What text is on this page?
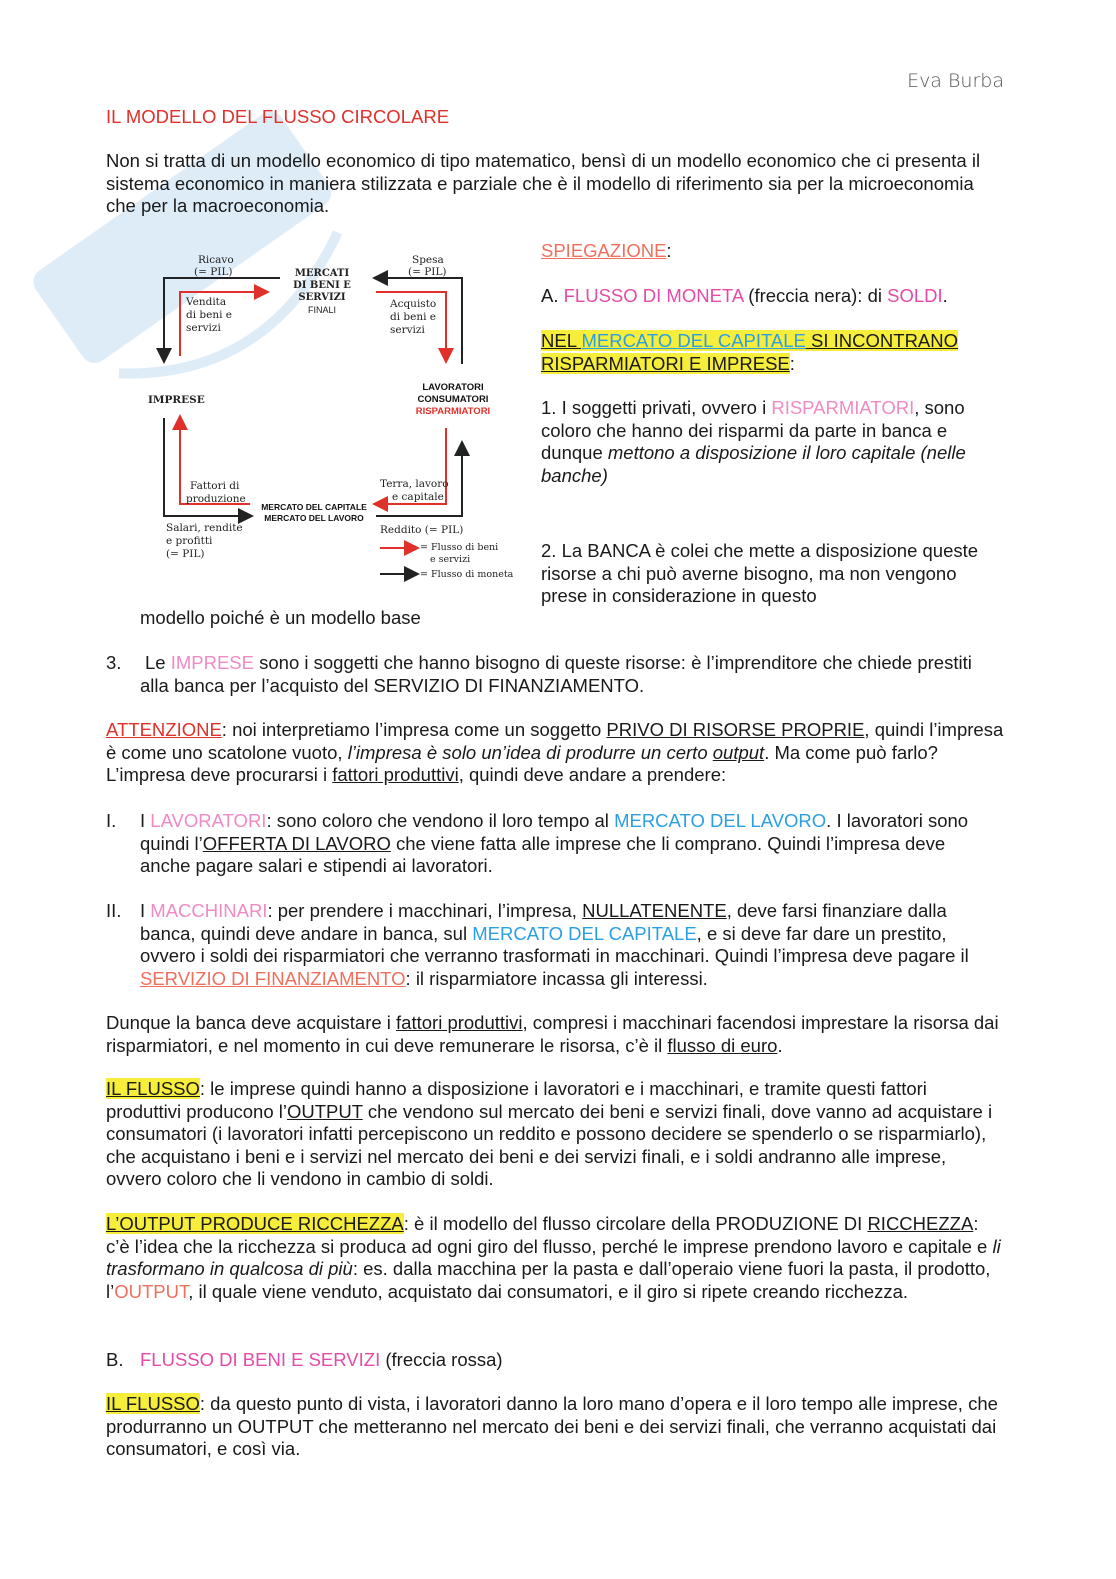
Eva Burba

IL MODELLO DEL FLUSSO CIRCOLARE

Non si tratta di un modello economico di tipo matematico, bensì di un modello economico che ci presenta il sistema economico in maniera stilizzata e parziale che è il modello di riferimento sia per la microeconomia che per la macroeconomia.

Ricavo
(= PIL)
Spesa
(= PIL)
MERCATI
DI BENI E
SERVIZI
FINALI
Vendita
di beni e
servizi
Acquisto
di beni e
servizi
IMPRESE
LAVORATORI
CONSUMATORI
RISPARMIATORI
Fattori di
produzione
Terra, lavoro
e capitale
MERCATO DEL CAPITALE
MERCATO DEL LAVORO
Salari, rendite
e profitti
(= PIL)
Reddito (= PIL)
= Flusso di beni
e servizi
= Flusso di moneta

SPIEGAZIONE:

A. FLUSSO DI MONETA (freccia nera): di SOLDI.

NEL MERCATO DEL CAPITALE SI INCONTRANO
RISPARMIATORI E IMPRESE:

1. I soggetti privati, ovvero i RISPARMIATORI, sono coloro che hanno dei risparmi da parte in banca e dunque mettono a disposizione il loro capitale (nelle banche)

2. La BANCA è colei che mette a disposizione queste risorse a chi può averne bisogno, ma non vengono prese in considerazione in questo

modello poiché è un modello base

3. Le IMPRESE sono i soggetti che hanno bisogno di queste risorse: è l’imprenditore che chiede prestiti alla banca per l’acquisto del SERVIZIO DI FINANZIAMENTO.

ATTENZIONE: noi interpretiamo l’impresa come un soggetto PRIVO DI RISORSE PROPRIE, quindi l’impresa è come uno scatolone vuoto, l’impresa è solo un’idea di produrre un certo output. Ma come può farlo? L’impresa deve procurarsi i fattori produttivi, quindi deve andare a prendere:

I. I LAVORATORI: sono coloro che vendono il loro tempo al MERCATO DEL LAVORO. I lavoratori sono quindi l’OFFERTA DI LAVORO che viene fatta alle imprese che li comprano. Quindi l’impresa deve anche pagare salari e stipendi ai lavoratori.

II. I MACCHINARI: per prendere i macchinari, l’impresa, NULLATENENTE, deve farsi finanziare dalla banca, quindi deve andare in banca, sul MERCATO DEL CAPITALE, e si deve far dare un prestito, ovvero i soldi dei risparmiatori che verranno trasformati in macchinari. Quindi l’impresa deve pagare il SERVIZIO DI FINANZIAMENTO: il risparmiatore incassa gli interessi.

Dunque la banca deve acquistare i fattori produttivi, compresi i macchinari facendosi imprestare la risorsa dai risparmiatori, e nel momento in cui deve remunerare le risorsa, c’è il flusso di euro.

IL FLUSSO: le imprese quindi hanno a disposizione i lavoratori e i macchinari, e tramite questi fattori produttivi producono l’OUTPUT che vendono sul mercato dei beni e servizi finali, dove vanno ad acquistare i consumatori (i lavoratori infatti percepiscono un reddito e possono decidere se spenderlo o se risparmiarlo), che acquistano i beni e i servizi nel mercato dei beni e dei servizi finali, e i soldi andranno alle imprese, ovvero coloro che li vendono in cambio di soldi.

L’OUTPUT PRODUCE RICCHEZZA: è il modello del flusso circolare della PRODUZIONE DI RICCHEZZA: c’è l’idea che la ricchezza si produca ad ogni giro del flusso, perché le imprese prendono lavoro e capitale e li trasformano in qualcosa di più: es. dalla macchina per la pasta e dall’operaio viene fuori la pasta, il prodotto, l’OUTPUT, il quale viene venduto, acquistato dai consumatori, e il giro si ripete creando ricchezza.

B. FLUSSO DI BENI E SERVIZI (freccia rossa)

IL FLUSSO: da questo punto di vista, i lavoratori danno la loro mano d’opera e il loro tempo alle imprese, che produrranno un OUTPUT che metteranno nel mercato dei beni e dei servizi finali, che verranno acquistati dai consumatori, e così via.
